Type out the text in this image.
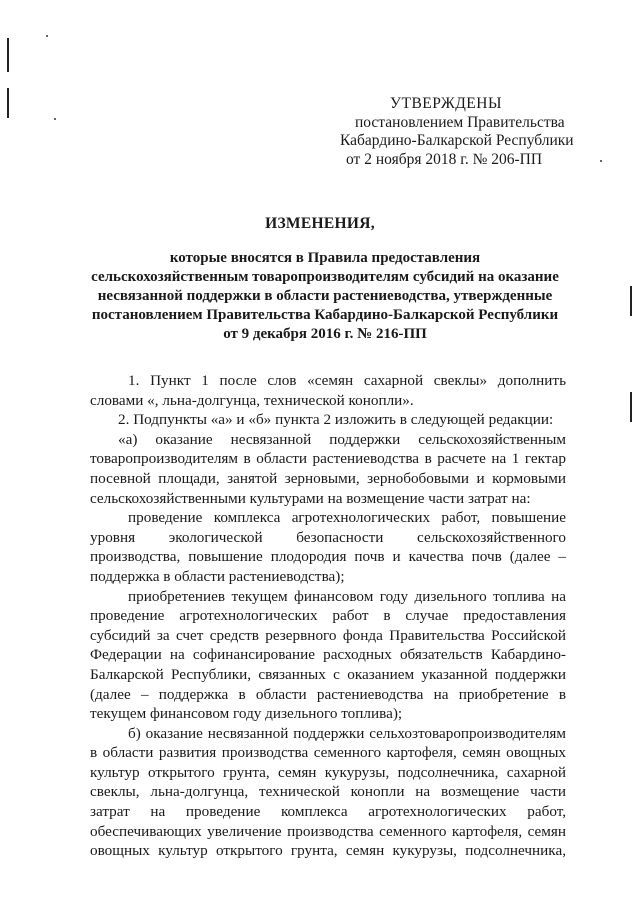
УТВЕРЖДЕНЫ
постановлением Правительства
Кабардино-Балкарской Республики
от 2 ноября 2018 г. № 206-ПП
ИЗМЕНЕНИЯ,
которые вносятся в Правила предоставления
сельскохозяйственным товаропроизводителям субсидий на оказание
несвязанной поддержки в области растениеводства, утвержденные
постановлением Правительства Кабардино-Балкарской Республики
от 9 декабря 2016 г. № 216-ПП
1. Пункт 1 после слов «семян сахарной свеклы» дополнить
словами «, льна-долгунца, технической конопли».
2. Подпункты «а» и «б» пункта 2 изложить в следующей редакции:
«а) оказание несвязанной поддержки сельскохозяйственным
товаропроизводителям в области растениеводства в расчете на 1 гектар
посевной площади, занятой зерновыми, зернобобовыми и кормовыми
сельскохозяйственными культурами на возмещение части затрат на:
проведение комплекса агротехнологических работ, повышение
уровня экологической безопасности сельскохозяйственного
производства, повышение плодородия почв и качества почв (далее –
поддержка в области растениеводства);
приобретениев текущем финансовом году дизельного топлива на
проведение агротехнологических работ в случае предоставления
субсидий за счет средств резервного фонда Правительства Российской
Федерации на софинансирование расходных обязательств Кабардино-
Балкарской Республики, связанных с оказанием указанной поддержки
(далее – поддержка в области растениеводства на приобретение в
текущем финансовом году дизельного топлива);
б) оказание несвязанной поддержки сельхозтоваропроизводителям
в области развития производства семенного картофеля, семян овощных
культур открытого грунта, семян кукурузы, подсолнечника, сахарной
свеклы, льна-долгунца, технической конопли на возмещение части
затрат на проведение комплекса агротехнологических работ,
обеспечивающих увеличение производства семенного картофеля, семян
овощных культур открытого грунта, семян кукурузы, подсолнечника,
